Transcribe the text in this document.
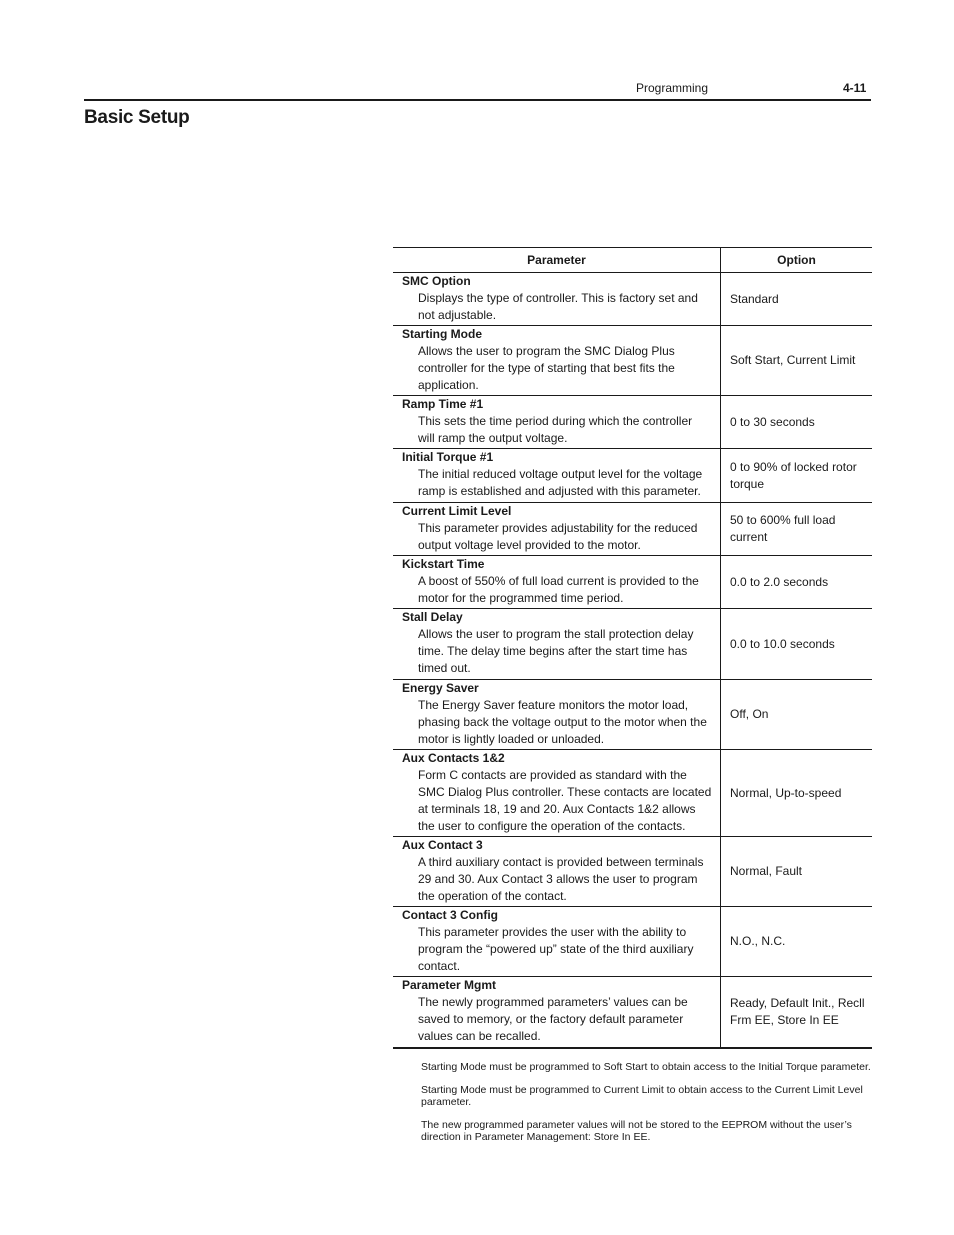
Programming	4-11
Basic Setup
Parameter	Option

SMC Option
Displays the type of controller. This is factory set and not adjustable.	Standard

Starting Mode
Allows the user to program the SMC Dialog Plus controller for the type of starting that best fits the application.	Soft Start, Current Limit

Ramp Time #1
This sets the time period during which the controller will ramp the output voltage.	0 to 30 seconds

Initial Torque #1
The initial reduced voltage output level for the voltage ramp is established and adjusted with this parameter.	0 to 90% of locked rotor torque

Current Limit Level
This parameter provides adjustability for the reduced output voltage level provided to the motor.	50 to 600% full load current

Kickstart Time
A boost of 550% of full load current is provided to the motor for the programmed time period.	0.0 to 2.0 seconds

Stall Delay
Allows the user to program the stall protection delay time. The delay time begins after the start time has timed out.	0.0 to 10.0 seconds

Energy Saver
The Energy Saver feature monitors the motor load, phasing back the voltage output to the motor when the motor is lightly loaded or unloaded.	Off, On

Aux Contacts 1&2
Form C contacts are provided as standard with the SMC Dialog Plus controller. These contacts are located at terminals 18, 19 and 20. Aux Contacts 1&2 allows the user to configure the operation of the contacts.	Normal, Up-to-speed

Aux Contact 3
A third auxiliary contact is provided between terminals 29 and 30. Aux Contact 3 allows the user to program the operation of the contact.	Normal, Fault

Contact 3 Config
This parameter provides the user with the ability to program the “powered up” state of the third auxiliary contact.	N.O., N.C.

Parameter Mgmt
The newly programmed parameters’ values can be saved to memory, or the factory default parameter values can be recalled.	Ready, Default Init., Recll Frm EE, Store In EE

Starting Mode must be programmed to Soft Start to obtain access to the Initial Torque parameter.

Starting Mode must be programmed to Current Limit to obtain access to the Current Limit Level parameter.

The new programmed parameter values will not be stored to the EEPROM without the user’s direction in Parameter Management: Store In EE.
